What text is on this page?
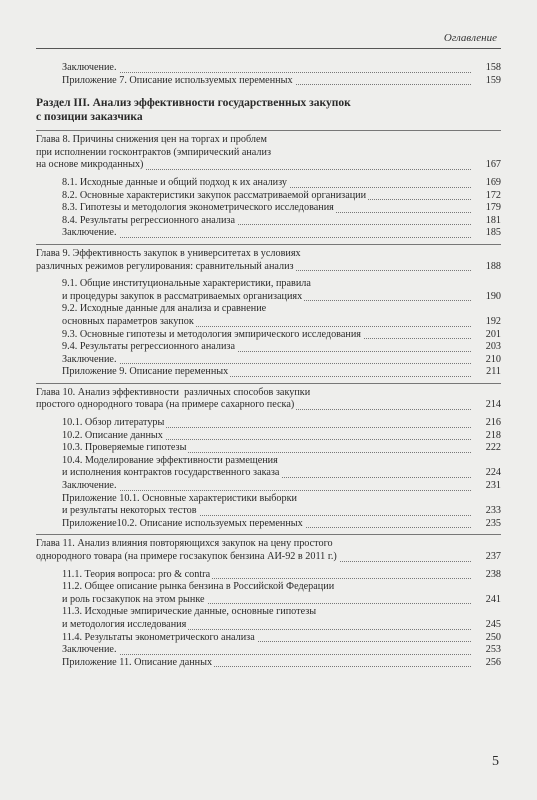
Оглавление
Заключение.	158
Приложение 7. Описание используемых переменных	159
Раздел III. Анализ эффективности государственных закупок
с позиции заказчика
Глава 8. Причины снижения цен на торгах и проблем
при исполнении госконтрактов (эмпирический анализ
на основе микроданных)	167
8.1. Исходные данные и общий подход к их анализу	169
8.2. Основные характеристики закупок рассматриваемой организации	172
8.3. Гипотезы и методология эконометрического исследования	179
8.4. Результаты регрессионного анализа	181
Заключение.	185
Глава 9. Эффективность закупок в университетах в условиях
различных режимов регулирования: сравнительный анализ	188
9.1. Общие институциональные характеристики, правила
и процедуры закупок в рассматриваемых организациях	190
9.2. Исходные данные для анализа и сравнение
основных параметров закупок	192
9.3. Основные гипотезы и методология эмпирического исследования	201
9.4. Результаты регрессионного анализа	203
Заключение.	210
Приложение 9. Описание переменных	211
Глава 10. Анализ эффективности  различных способов закупки
простого однородного товара (на примере сахарного песка)	214
10.1. Обзор литературы	216
10.2. Описание данных	218
10.3. Проверяемые гипотезы	222
10.4. Моделирование эффективности размещения
и исполнения контрактов государственного заказа	224
Заключение.	231
Приложение 10.1. Основные характеристики выборки
и результаты некоторых тестов	233
Приложение10.2. Описание используемых переменных	235
Глава 11. Анализ влияния повторяющихся закупок на цену простого
однородного товара (на примере госзакупок бензина АИ-92 в 2011 г.)	237
11.1. Теория вопроса: pro & contra	238
11.2. Общее описание рынка бензина в Российской Федерации
и роль госзакупок на этом рынке	241
11.3. Исходные эмпирические данные, основные гипотезы
и методология исследования	245
11.4. Результаты эконометрического анализа	250
Заключение.	253
Приложение 11. Описание данных	256
5
